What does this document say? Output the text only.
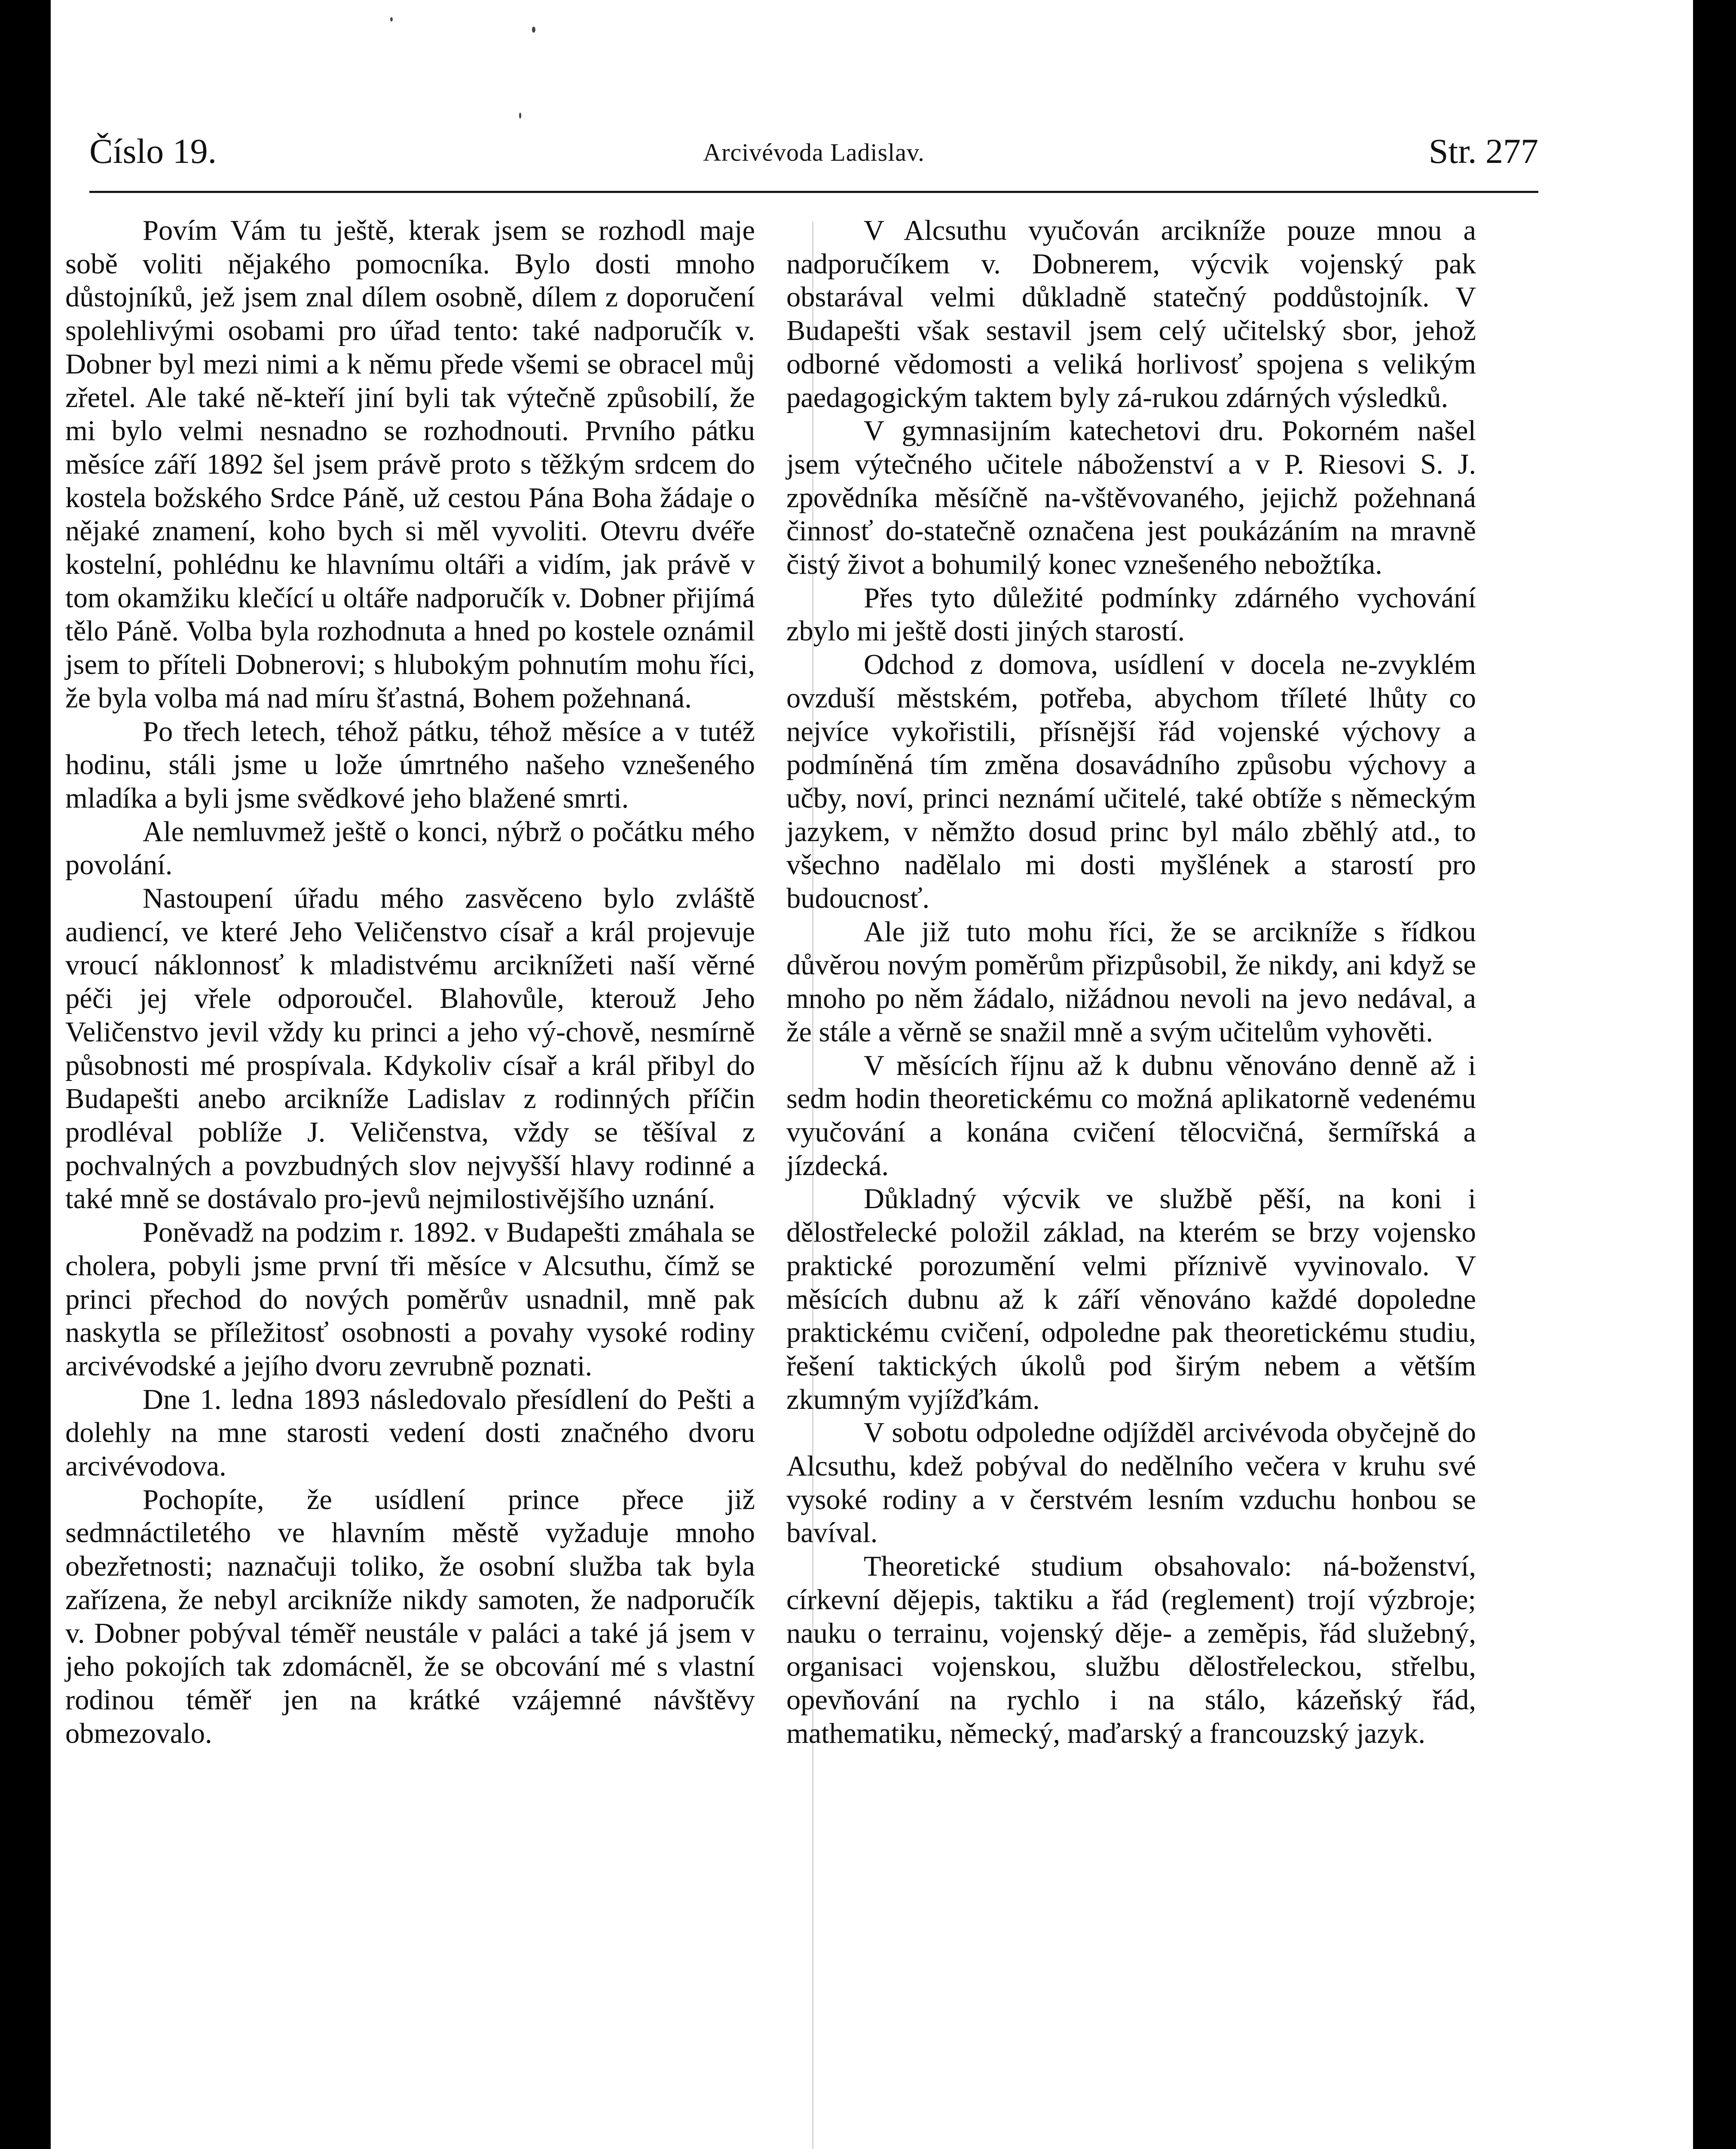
Číslo 19.	Arcivévoda Ladislav.	Str. 277

Povím Vám tu ještě, kterak jsem se rozhodl maje sobě voliti nějakého pomocníka. Bylo dosti mnoho důstojníků, jež jsem znal dílem osobně, dílem z doporučení spolehlivými osobami pro úřad tento: také nadporučík v. Dobner byl mezi nimi a k němu přede všemi se obracel můj zřetel. Ale také ně-kteří jiní byli tak výtečně způsobilí, že mi bylo velmi nesnadno se rozhodnouti. Prvního pátku měsíce září 1892 šel jsem právě proto s těžkým srdcem do kostela božského Srdce Páně, už cestou Pána Boha žádaje o nějaké znamení, koho bych si měl vyvoliti. Otevru dvéře kostelní, pohlédnu ke hlavnímu oltáři a vidím, jak právě v tom okamžiku klečící u oltáře nadporučík v. Dobner přijímá tělo Páně. Volba byla rozhodnuta a hned po kostele oznámil jsem to příteli Dobnerovi; s hlubokým pohnutím mohu říci, že byla volba má nad míru šťastná, Bohem požehnaná.

Po třech letech, téhož pátku, téhož měsíce a v tutéž hodinu, stáli jsme u lože úmrtného našeho vznešeného mladíka a byli jsme svědkové jeho blažené smrti.

Ale nemluvmež ještě o konci, nýbrž o počátku mého povolání.

Nastoupení úřadu mého zasvěceno bylo zvláště audiencí, ve které Jeho Veličenstvo císař a král projevuje vroucí náklonnosť k mladistvému arciknížeti naší věrné péči jej vřele odporoučel. Blahovůle, kterouž Jeho Veličenstvo jevil vždy ku princi a jeho vý-chově, nesmírně působnosti mé prospívala. Kdykoliv císař a král přibyl do Budapešti anebo arcikníže Ladislav z rodinných příčin prodléval poblíže J. Veličenstva, vždy se těšíval z pochvalných a povzbudných slov nejvyšší hlavy rodinné a také mně se dostávalo pro-jevů nejmilostivějšího uznání.

Poněvadž na podzim r. 1892. v Budapešti zmáhala se cholera, pobyli jsme první tři měsíce v Alcsuthu, čímž se princi přechod do nových poměrův usnadnil, mně pak naskytla se příležitosť osobnosti a povahy vysoké rodiny arcivévodské a jejího dvoru zevrubně poznati.

Dne 1. ledna 1893 následovalo přesídlení do Pešti a dolehly na mne starosti vedení dosti značného dvoru arcivévodova.

Pochopíte, že usídlení prince přece již sedmnáctiletého ve hlavním městě vyžaduje mnoho obezřetnosti; naznačuji toliko, že osobní služba tak byla zařízena, že nebyl arcikníže nikdy samoten, že nadporučík v. Dobner pobýval téměř neustále v paláci a také já jsem v jeho pokojích tak zdomácněl, že se obcování mé s vlastní rodinou téměř jen na krátké vzájemné návštěvy obmezovalo.

V Alcsuthu vyučován arcikníže pouze mnou a nadporučíkem v. Dobnerem, výcvik vojenský pak obstarával velmi důkladně statečný poddůstojník. V Budapešti však sestavil jsem celý učitelský sbor, jehož odborné vědomosti a veliká horlivosť spojena s velikým paedagogickým taktem byly zá-rukou zdárných výsledků.

V gymnasijním katechetovi dru. Pokorném našel jsem výtečného učitele náboženství a v P. Riesovi S. J. zpovědníka měsíčně na-vštěvovaného, jejichž požehnaná činnosť do-statečně označena jest poukázáním na mravně čistý život a bohumilý konec vznešeného nebožtíka.

Přes tyto důležité podmínky zdárného vychování zbylo mi ještě dosti jiných starostí.

Odchod z domova, usídlení v docela ne-zvyklém ovzduší městském, potřeba, abychom tříleté lhůty co nejvíce vykořistili, přísnější řád vojenské výchovy a podmíněná tím změna dosavádního způsobu výchovy a učby, noví, princi neznámí učitelé, také obtíže s německým jazykem, v němžto dosud princ byl málo zběhlý atd., to všechno nadělalo mi dosti myšlének a starostí pro budoucnosť.

Ale již tuto mohu říci, že se arcikníže s řídkou důvěrou novým poměrům přizpůsobil, že nikdy, ani když se mnoho po něm žádalo, nižádnou nevoli na jevo nedával, a že stále a věrně se snažil mně a svým učitelům vyhověti.

V měsících říjnu až k dubnu věnováno denně až i sedm hodin theoretickému co možná aplikatorně vedenému vyučování a konána cvičení tělocvičná, šermířská a jízdecká.

Důkladný výcvik ve službě pěší, na koni i dělostřelecké položil základ, na kterém se brzy vojensko praktické porozumění velmi příznivě vyvinovalo. V měsících dubnu až k září věnováno každé dopoledne praktickému cvičení, odpoledne pak theoretickému studiu, řešení taktických úkolů pod širým nebem a větším zkumným vyjížďkám.

V sobotu odpoledne odjížděl arcivévoda obyčejně do Alcsuthu, kdež pobýval do nedělního večera v kruhu své vysoké rodiny a v čerstvém lesním vzduchu honbou se bavíval.

Theoretické studium obsahovalo: ná-boženství, církevní dějepis, taktiku a řád (reglement) trojí výzbroje; nauku o terrainu, vojenský děje- a zeměpis, řád služebný, organisaci vojenskou, službu dělostřeleckou, střelbu, opevňování na rychlo i na stálo, kázeňský řád, mathematiku, německý, maďarský a francouzský jazyk.
